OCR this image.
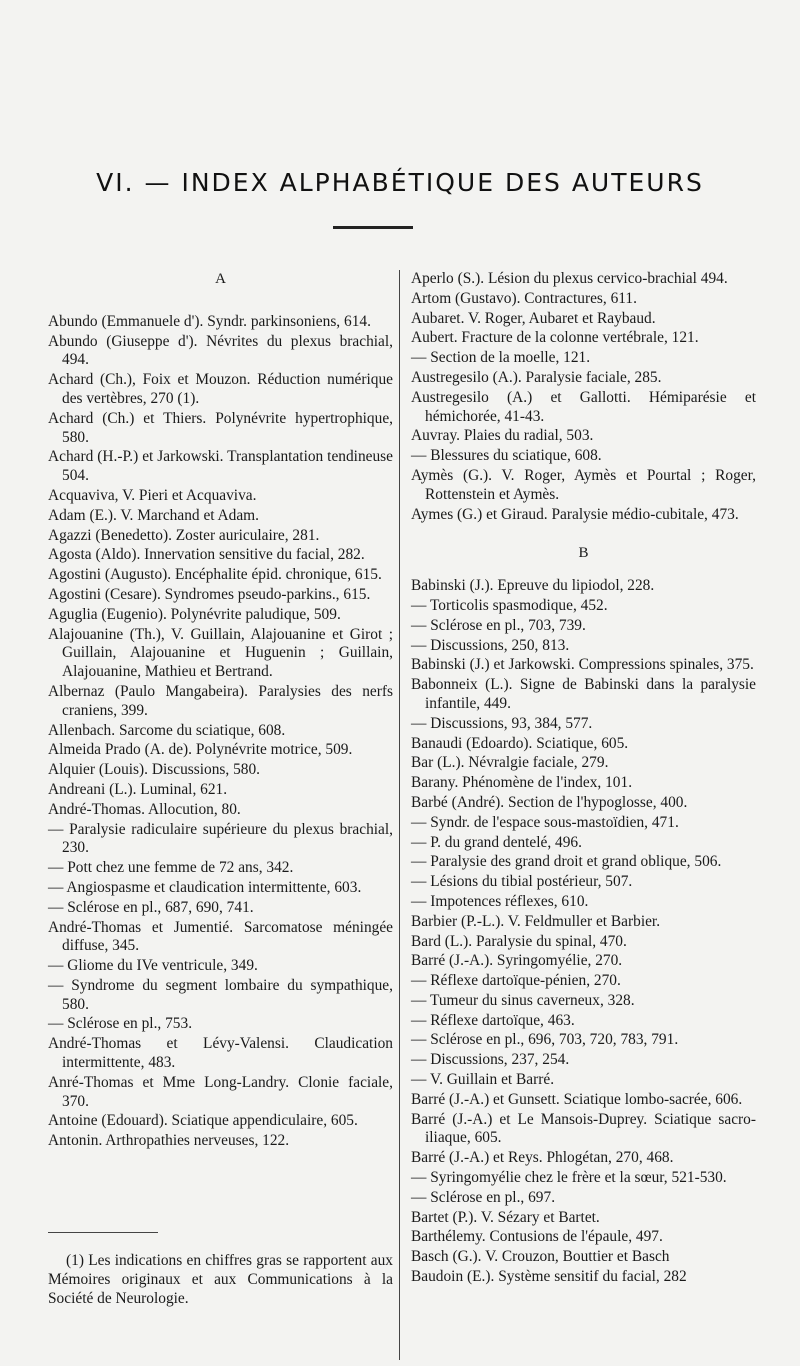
VI. — INDEX ALPHABÉTIQUE DES AUTEURS
A

Abundo (Emmanuele d'). Syndr. parkinsoniens, 614.

Abundo (Giuseppe d'). Névrites du plexus brachial, 494.

Achard (Ch.), Foix et Mouzon. Réduction numérique des vertèbres, 270 (1).

Achard (Ch.) et Thiers. Polynévrite hypertrophique, 580.

Achard (H.-P.) et Jarkowski. Transplantation tendineuse 504.

Acquaviva, V. Pieri et Acquaviva.

Adam (E.). V. Marchand et Adam.

Agazzi (Benedetto). Zoster auriculaire, 281.

Agosta (Aldo). Innervation sensitive du facial, 282.

Agostini (Augusto). Encéphalite épid. chronique, 615.

Agostini (Cesare). Syndromes pseudo-parkins., 615.

Aguglia (Eugenio). Polynévrite paludique, 509.

Alajouanine (Th.), V. Guillain, Alajouanine et Girot ; Guillain, Alajouanine et Huguenin ; Guillain, Alajouanine, Mathieu et Bertrand.

Albernaz (Paulo Mangabeira). Paralysies des nerfs craniens, 399.

Allenbach. Sarcome du sciatique, 608.

Almeida Prado (A. de). Polynévrite motrice, 509.

Alquier (Louis). Discussions, 580.

Andreani (L.). Luminal, 621.

André-Thomas. Allocution, 80.

— Paralysie radiculaire supérieure du plexus brachial, 230.

— Pott chez une femme de 72 ans, 342.

— Angiospasme et claudication intermittente, 603.

— Sclérose en pl., 687, 690, 741.

André-Thomas et Jumentié. Sarcomatose méningée diffuse, 345.

— Gliome du IVe ventricule, 349.

— Syndrome du segment lombaire du sympathique, 580.

— Sclérose en pl., 753.

André-Thomas et Lévy-Valensi. Claudication intermittente, 483.

Anré-Thomas et Mme Long-Landry. Clonie faciale, 370.

Antoine (Edouard). Sciatique appendiculaire, 605.

Antonin. Arthropathies nerveuses, 122.

(1) Les indications en chiffres gras se rapportent aux Mémoires originaux et aux Communications à la Société de Neurologie.

Aperlo (S.). Lésion du plexus cervico-brachial 494.

Artom (Gustavo). Contractures, 611.

Aubaret. V. Roger, Aubaret et Raybaud.

Aubert. Fracture de la colonne vertébrale, 121.

— Section de la moelle, 121.

Austregesilo (A.). Paralysie faciale, 285.

Austregesilo (A.) et Gallotti. Hémiparésie et hémichorée, 41-43.

Auvray. Plaies du radial, 503.

— Blessures du sciatique, 608.

Aymès (G.). V. Roger, Aymès et Pourtal ; Roger, Rottenstein et Aymès.

Aymes (G.) et Giraud. Paralysie médio-cubitale, 473.

B

Babinski (J.). Epreuve du lipiodol, 228.

— Torticolis spasmodique, 452.

— Sclérose en pl., 703, 739.

— Discussions, 250, 813.

Babinski (J.) et Jarkowski. Compressions spinales, 375.

Babonneix (L.). Signe de Babinski dans la paralysie infantile, 449.

— Discussions, 93, 384, 577.

Banaudi (Edoardo). Sciatique, 605.

Bar (L.). Névralgie faciale, 279.

Barany. Phénomène de l'index, 101.

Barbé (André). Section de l'hypoglosse, 400.

— Syndr. de l'espace sous-mastoïdien, 471.

— P. du grand dentelé, 496.

— Paralysie des grand droit et grand oblique, 506.

— Lésions du tibial postérieur, 507.

— Impotences réflexes, 610.

Barbier (P.-L.). V. Feldmuller et Barbier.

Bard (L.). Paralysie du spinal, 470.

Barré (J.-A.). Syringomyélie, 270.

— Réflexe dartoïque-pénien, 270.

— Tumeur du sinus caverneux, 328.

— Réflexe dartoïque, 463.

— Sclérose en pl., 696, 703, 720, 783, 791.

— Discussions, 237, 254.

— V. Guillain et Barré.

Barré (J.-A.) et Gunsett. Sciatique lombo-sacrée, 606.

Barré (J.-A.) et Le Mansois-Duprey. Sciatique sacro-iliaque, 605.

Barré (J.-A.) et Reys. Phlogétan, 270, 468.

— Syringomyélie chez le frère et la sœur, 521-530.

— Sclérose en pl., 697.

Bartet (P.). V. Sézary et Bartet.

Barthélemy. Contusions de l'épaule, 497.

Basch (G.). V. Crouzon, Bouttier et Basch

Baudoin (E.). Système sensitif du facial, 282
